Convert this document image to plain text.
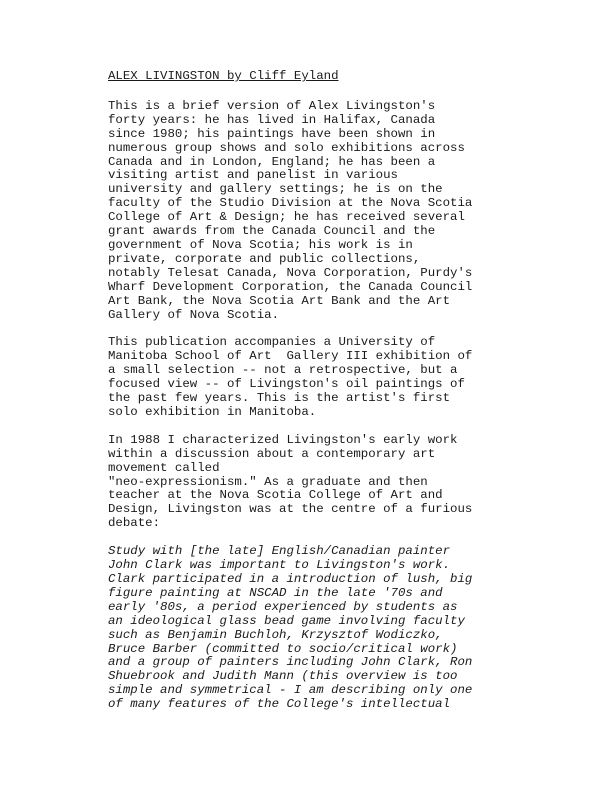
ALEX LIVINGSTON by Cliff Eyland
This is a brief version of Alex Livingston's
forty years: he has lived in Halifax, Canada
since 1980; his paintings have been shown in
numerous group shows and solo exhibitions across
Canada and in London, England; he has been a
visiting artist and panelist in various
university and gallery settings; he is on the
faculty of the Studio Division at the Nova Scotia
College of Art & Design; he has received several
grant awards from the Canada Council and the
government of Nova Scotia; his work is in
private, corporate and public collections,
notably Telesat Canada, Nova Corporation, Purdy's
Wharf Development Corporation, the Canada Council
Art Bank, the Nova Scotia Art Bank and the Art
Gallery of Nova Scotia.
This publication accompanies a University of
Manitoba School of Art  Gallery III exhibition of
a small selection -- not a retrospective, but a
focused view -- of Livingston's oil paintings of
the past few years. This is the artist's first
solo exhibition in Manitoba.
In 1988 I characterized Livingston's early work
within a discussion about a contemporary art
movement called
"neo-expressionism." As a graduate and then
teacher at the Nova Scotia College of Art and
Design, Livingston was at the centre of a furious
debate:
Study with [the late] English/Canadian painter
John Clark was important to Livingston's work.
Clark participated in a introduction of lush, big
figure painting at NSCAD in the late '70s and
early '80s, a period experienced by students as
an ideological glass bead game involving faculty
such as Benjamin Buchloh, Krzysztof Wodiczko,
Bruce Barber (committed to socio/critical work)
and a group of painters including John Clark, Ron
Shuebrook and Judith Mann (this overview is too
simple and symmetrical - I am describing only one
of many features of the College's intellectual
